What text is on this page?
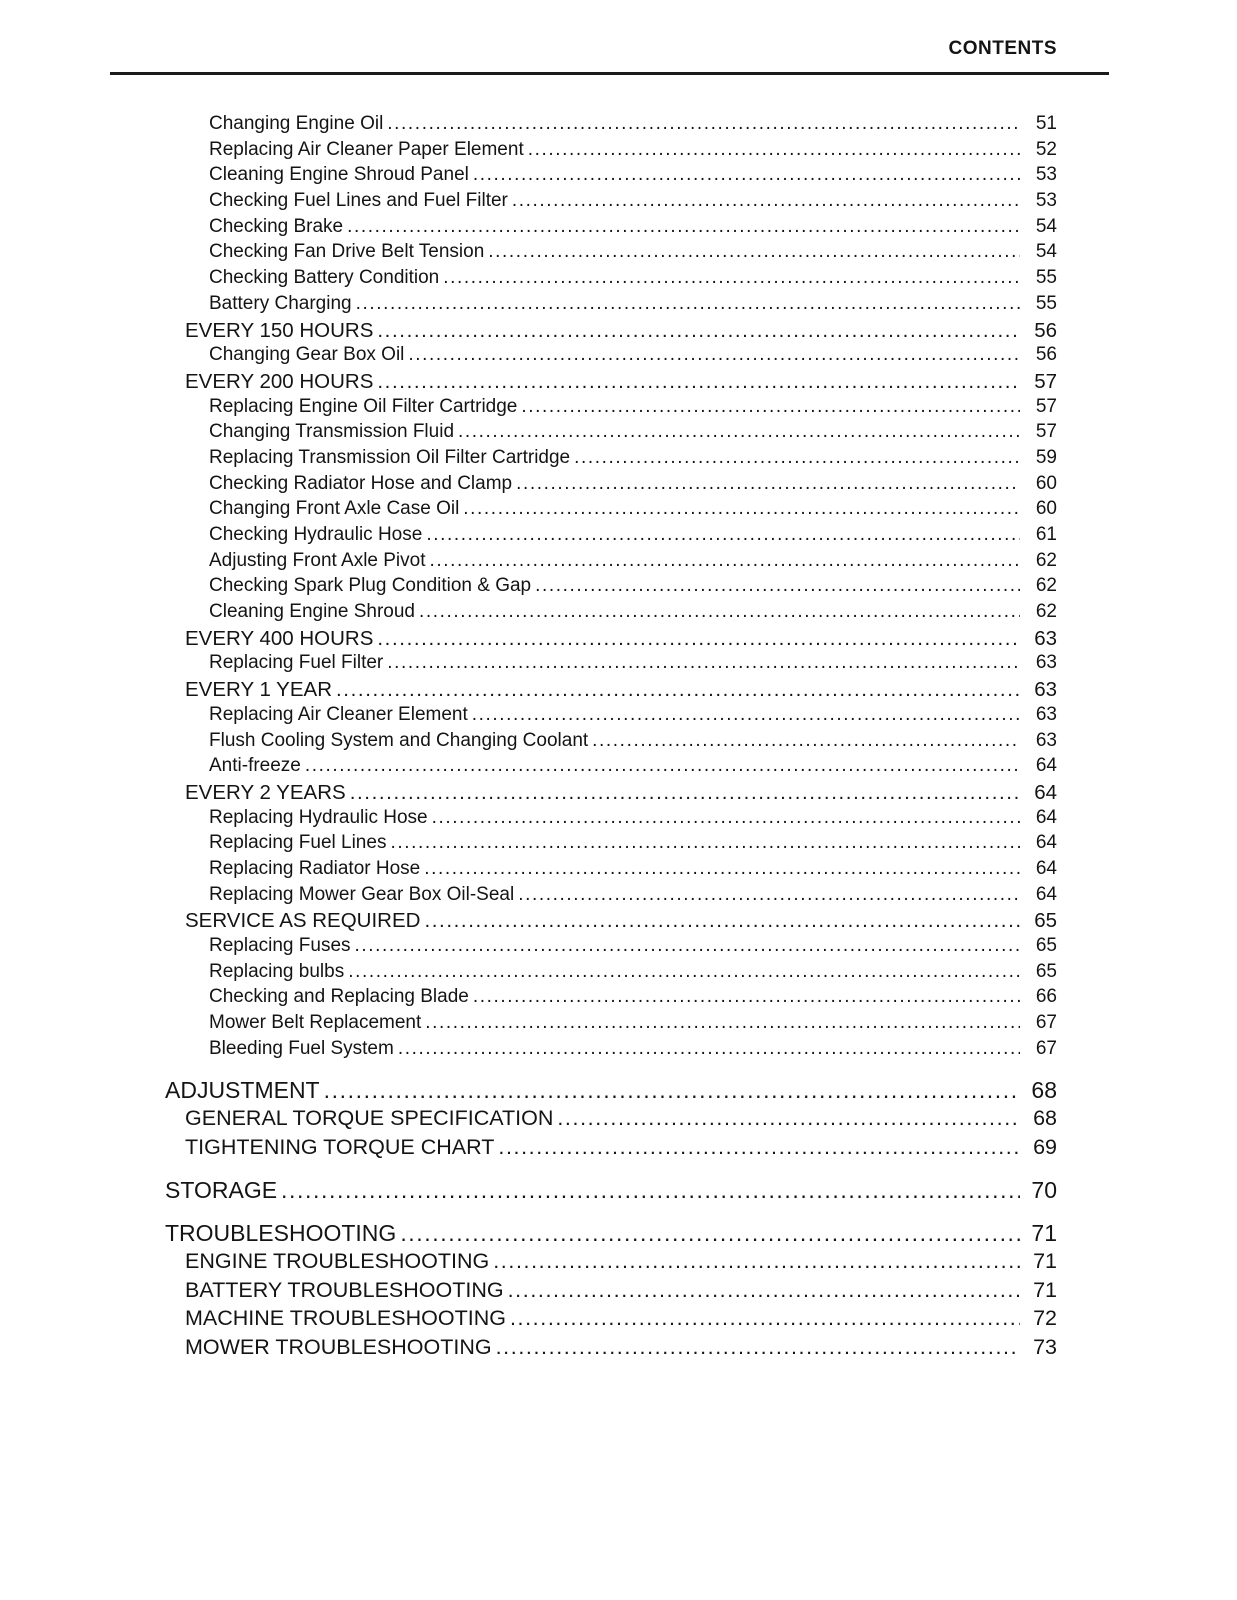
CONTENTS
Changing Engine Oil .....	51
Replacing Air Cleaner Paper Element .....	52
Cleaning Engine Shroud Panel .....	53
Checking Fuel Lines and Fuel Filter .....	53
Checking Brake .....	54
Checking Fan Drive Belt Tension .....	54
Checking Battery Condition .....	55
Battery Charging .....	55
EVERY 150 HOURS .....	56
Changing Gear Box Oil .....	56
EVERY 200 HOURS .....	57
Replacing Engine Oil Filter Cartridge .....	57
Changing Transmission Fluid .....	57
Replacing Transmission Oil Filter Cartridge .....	59
Checking Radiator Hose and Clamp .....	60
Changing Front Axle Case Oil .....	60
Checking Hydraulic Hose .....	61
Adjusting Front Axle Pivot .....	62
Checking Spark Plug Condition & Gap .....	62
Cleaning Engine Shroud .....	62
EVERY 400 HOURS .....	63
Replacing Fuel Filter .....	63
EVERY 1 YEAR .....	63
Replacing Air Cleaner Element .....	63
Flush Cooling System and Changing Coolant .....	63
Anti-freeze .....	64
EVERY 2 YEARS .....	64
Replacing Hydraulic Hose .....	64
Replacing Fuel Lines .....	64
Replacing Radiator Hose .....	64
Replacing Mower Gear Box Oil-Seal .....	64
SERVICE AS REQUIRED .....	65
Replacing Fuses .....	65
Replacing bulbs .....	65
Checking and Replacing Blade .....	66
Mower Belt Replacement .....	67
Bleeding Fuel System .....	67
ADJUSTMENT .....	68
GENERAL TORQUE SPECIFICATION .....	68
TIGHTENING TORQUE CHART .....	69
STORAGE .....	70
TROUBLESHOOTING .....	71
ENGINE TROUBLESHOOTING .....	71
BATTERY TROUBLESHOOTING .....	71
MACHINE TROUBLESHOOTING .....	72
MOWER TROUBLESHOOTING .....	73
